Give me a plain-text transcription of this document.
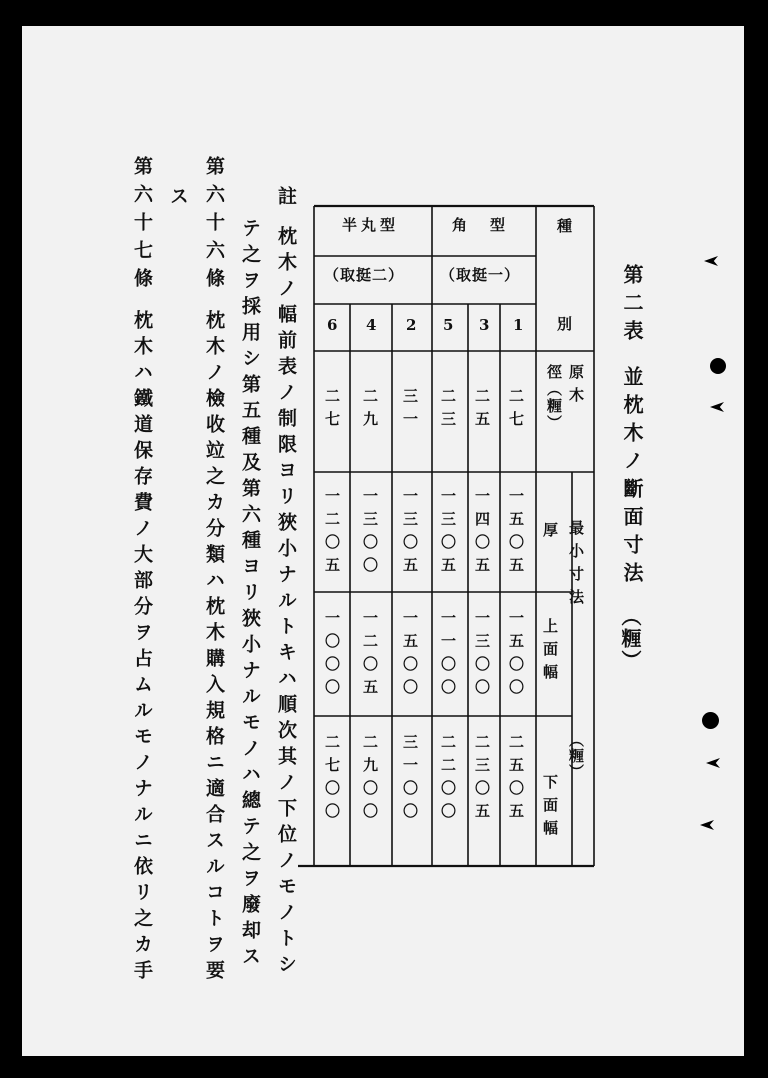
第二表
並枕木ノ斷面寸法
（糎）
種
別
角　型
（取挺一）
半丸型
（取挺二）
原木
徑（糎）
最小寸法
（糎）
厚
上面幅
下面幅
1
3
5
2
4
6
二七
二五
二三
三一
二九
二七
一五〇五
一四〇五
一三〇五
一三〇五
一三〇〇
一二〇五
一五〇〇
一三〇〇
一一〇〇
一五〇〇
一二〇五
一〇〇〇
二五〇五
二三〇五
二二〇〇
三一〇〇
二九〇〇
二七〇〇
註
枕木ノ幅前表ノ制限ヨリ狹小ナルトキハ順次其ノ下位ノモノトシ
テ之ヲ採用シ第五種及第六種ヨリ狹小ナルモノハ總テ之ヲ廢却ス
第六十六條
枕木ノ檢收竝之カ分類ハ枕木購入規格ニ適合スルコトヲ要
ス
第六十七條
枕木ハ鐵道保存費ノ大部分ヲ占ムルモノナルニ依リ之カ手
